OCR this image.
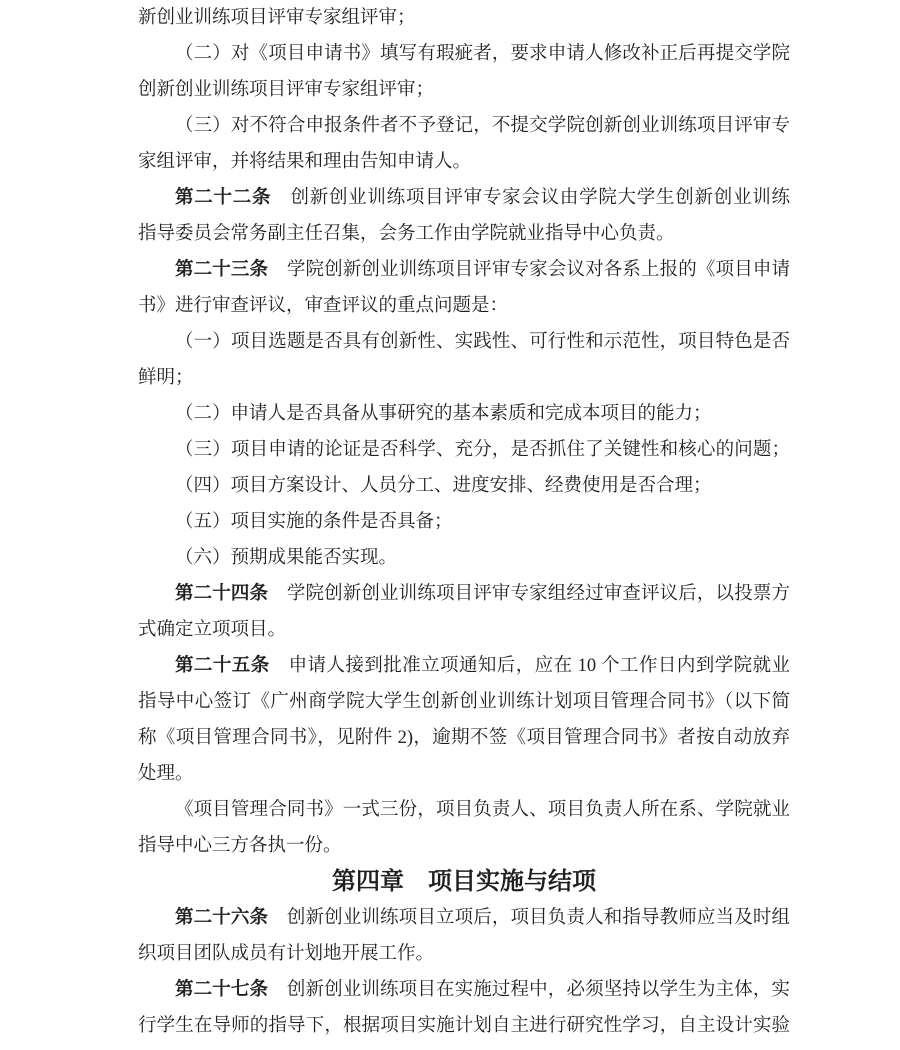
新创业训练项目评审专家组评审；
（二）对《项目申请书》填写有瑕疵者，要求申请人修改补正后再提交学院
创新创业训练项目评审专家组评审；
（三）对不符合申报条件者不予登记，不提交学院创新创业训练项目评审专
家组评审，并将结果和理由告知申请人。
第二十二条　创新创业训练项目评审专家会议由学院大学生创新创业训练
指导委员会常务副主任召集，会务工作由学院就业指导中心负责。
第二十三条　学院创新创业训练项目评审专家会议对各系上报的《项目申请
书》进行审查评议，审查评议的重点问题是：
（一）项目选题是否具有创新性、实践性、可行性和示范性，项目特色是否
鲜明；
（二）申请人是否具备从事研究的基本素质和完成本项目的能力；
（三）项目申请的论证是否科学、充分，是否抓住了关键性和核心的问题；
（四）项目方案设计、人员分工、进度安排、经费使用是否合理；
（五）项目实施的条件是否具备；
（六）预期成果能否实现。
第二十四条　学院创新创业训练项目评审专家组经过审查评议后，以投票方
式确定立项项目。
第二十五条　申请人接到批准立项通知后，应在 10 个工作日内到学院就业
指导中心签订《广州商学院大学生创新创业训练计划项目管理合同书》（以下简
称《项目管理合同书》，见附件 2)，逾期不签《项目管理合同书》者按自动放弃
处理。
《项目管理合同书》一式三份，项目负责人、项目负责人所在系、学院就业
指导中心三方各执一份。
第四章　项目实施与结项
第二十六条　创新创业训练项目立项后，项目负责人和指导教师应当及时组
织项目团队成员有计划地开展工作。
第二十七条　创新创业训练项目在实施过程中，必须坚持以学生为主体，实
行学生在导师的指导下，根据项目实施计划自主进行研究性学习，自主设计实验
